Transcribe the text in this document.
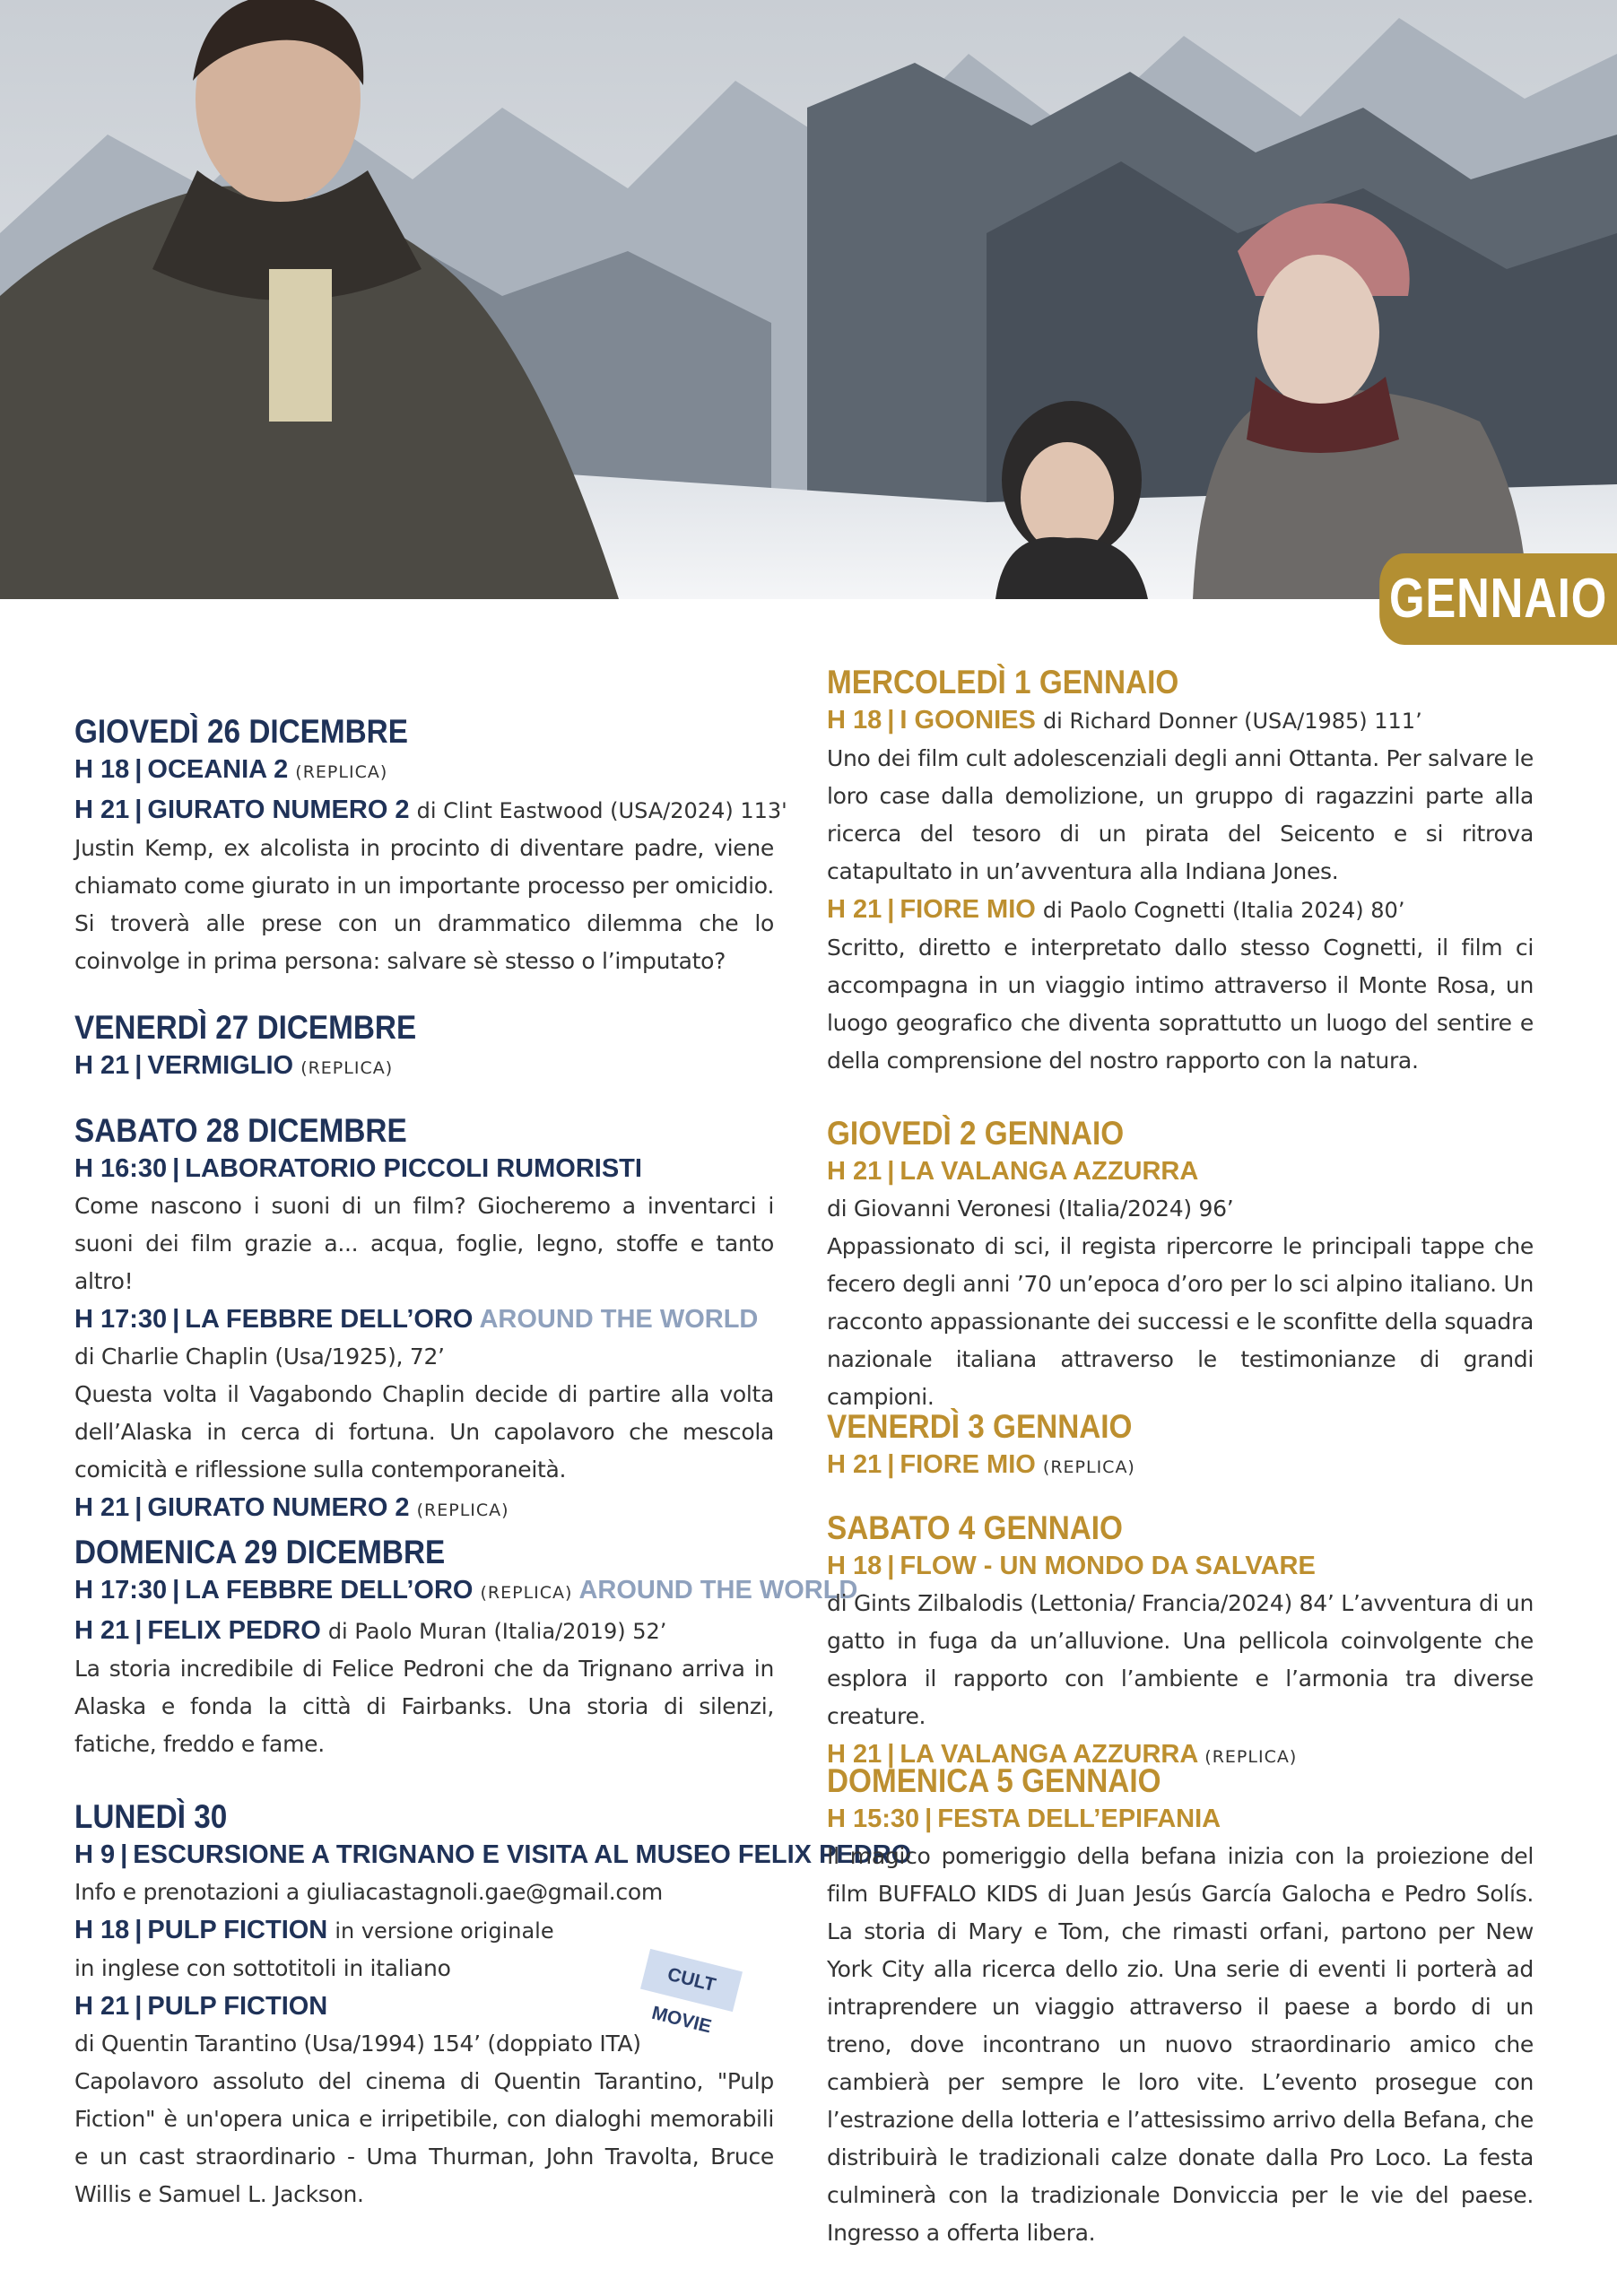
GENNAIO
GIOVEDÌ 26 DICEMBRE
H 18 | OCEANIA 2 (REPLICA)
H 21 | GIURATO NUMERO 2 di Clint Eastwood (USA/2024) 113'
Justin Kemp, ex alcolista in procinto di diventare padre, viene chiamato come giurato in un importante processo per omicidio. Si troverà alle prese con un drammatico dilemma che lo coinvolge in prima persona: salvare sè stesso o l’imputato?
VENERDÌ 27 DICEMBRE
H 21 | VERMIGLIO (REPLICA)
SABATO 28 DICEMBRE
H 16:30 | LABORATORIO PICCOLI RUMORISTI
Come nascono i suoni di un film? Giocheremo a inventarci i suoni dei film grazie a... acqua, foglie, legno, stoffe e tanto altro!
H 17:30 | LA FEBBRE DELL’ORO AROUND THE WORLD
di Charlie Chaplin (Usa/1925), 72’
Questa volta il Vagabondo Chaplin decide di partire alla volta dell’Alaska in cerca di fortuna. Un capolavoro che mescola comicità e riflessione sulla contemporaneità.
H 21 | GIURATO NUMERO 2 (REPLICA)
DOMENICA 29 DICEMBRE
H 17:30 | LA FEBBRE DELL’ORO (REPLICA) AROUND THE WORLD
H 21 | FELIX PEDRO di Paolo Muran (Italia/2019) 52’
La storia incredibile di Felice Pedroni che da Trignano arriva in Alaska e fonda la città di Fairbanks. Una storia di silenzi, fatiche, freddo e fame.
LUNEDÌ 30
H 9 | ESCURSIONE A TRIGNANO E VISITA AL MUSEO FELIX PEDRO
Info e prenotazioni a giuliacastagnoli.gae@gmail.com
H 18 | PULP FICTION in versione originale
in inglese con sottotitoli in italiano
H 21 | PULP FICTION
di Quentin Tarantino (Usa/1994) 154’ (doppiato ITA)
Capolavoro assoluto del cinema di Quentin Tarantino, "Pulp Fiction" è un'opera unica e irripetibile, con dialoghi memorabili e un cast straordinario - Uma Thurman, John Travolta, Bruce Willis e Samuel L. Jackson.
CULT MOVIE
MERCOLEDÌ 1 GENNAIO
H 18 | I GOONIES di Richard Donner (USA/1985) 111’
Uno dei film cult adolescenziali degli anni Ottanta. Per salvare le loro case dalla demolizione, un gruppo di ragazzini parte alla ricerca del tesoro di un pirata del Seicento e si ritrova catapultato in un’avventura alla Indiana Jones.
H 21 | FIORE MIO di Paolo Cognetti (Italia 2024) 80’
Scritto, diretto e interpretato dallo stesso Cognetti, il film ci accompagna in un viaggio intimo attraverso il Monte Rosa, un luogo geografico che diventa soprattutto un luogo del sentire e della comprensione del nostro rapporto con la natura.
GIOVEDÌ 2 GENNAIO
H 21 | LA VALANGA AZZURRA
di Giovanni Veronesi (Italia/2024) 96’
Appassionato di sci, il regista ripercorre le principali tappe che fecero degli anni ’70 un’epoca d’oro per lo sci alpino italiano. Un racconto appassionante dei successi e le sconfitte della squadra nazionale italiana attraverso le testimonianze di grandi campioni.
VENERDÌ 3 GENNAIO
H 21 | FIORE MIO (REPLICA)
SABATO 4 GENNAIO
H 18 | FLOW - UN MONDO DA SALVARE
di Gints Zilbalodis (Lettonia/ Francia/2024) 84’ L’avventura di un gatto in fuga da un’alluvione. Una pellicola coinvolgente che esplora il rapporto con l’ambiente e l’armonia tra diverse creature.
H 21 | LA VALANGA AZZURRA (REPLICA)
DOMENICA 5 GENNAIO
H 15:30 | FESTA DELL’EPIFANIA
Il magico pomeriggio della befana inizia con la proiezione del film BUFFALO KIDS di Juan Jesús García Galocha e Pedro Solís. La storia di Mary e Tom, che rimasti orfani, partono per New York City alla ricerca dello zio. Una serie di eventi li porterà ad intraprendere un viaggio attraverso il paese a bordo di un treno, dove incontrano un nuovo straordinario amico che cambierà per sempre le loro vite. L’evento prosegue con l’estrazione della lotteria e l’attesissimo arrivo della Befana, che distribuirà le tradizionali calze donate dalla Pro Loco. La festa culminerà con la tradizionale Donviccia per le vie del paese. Ingresso a offerta libera.
